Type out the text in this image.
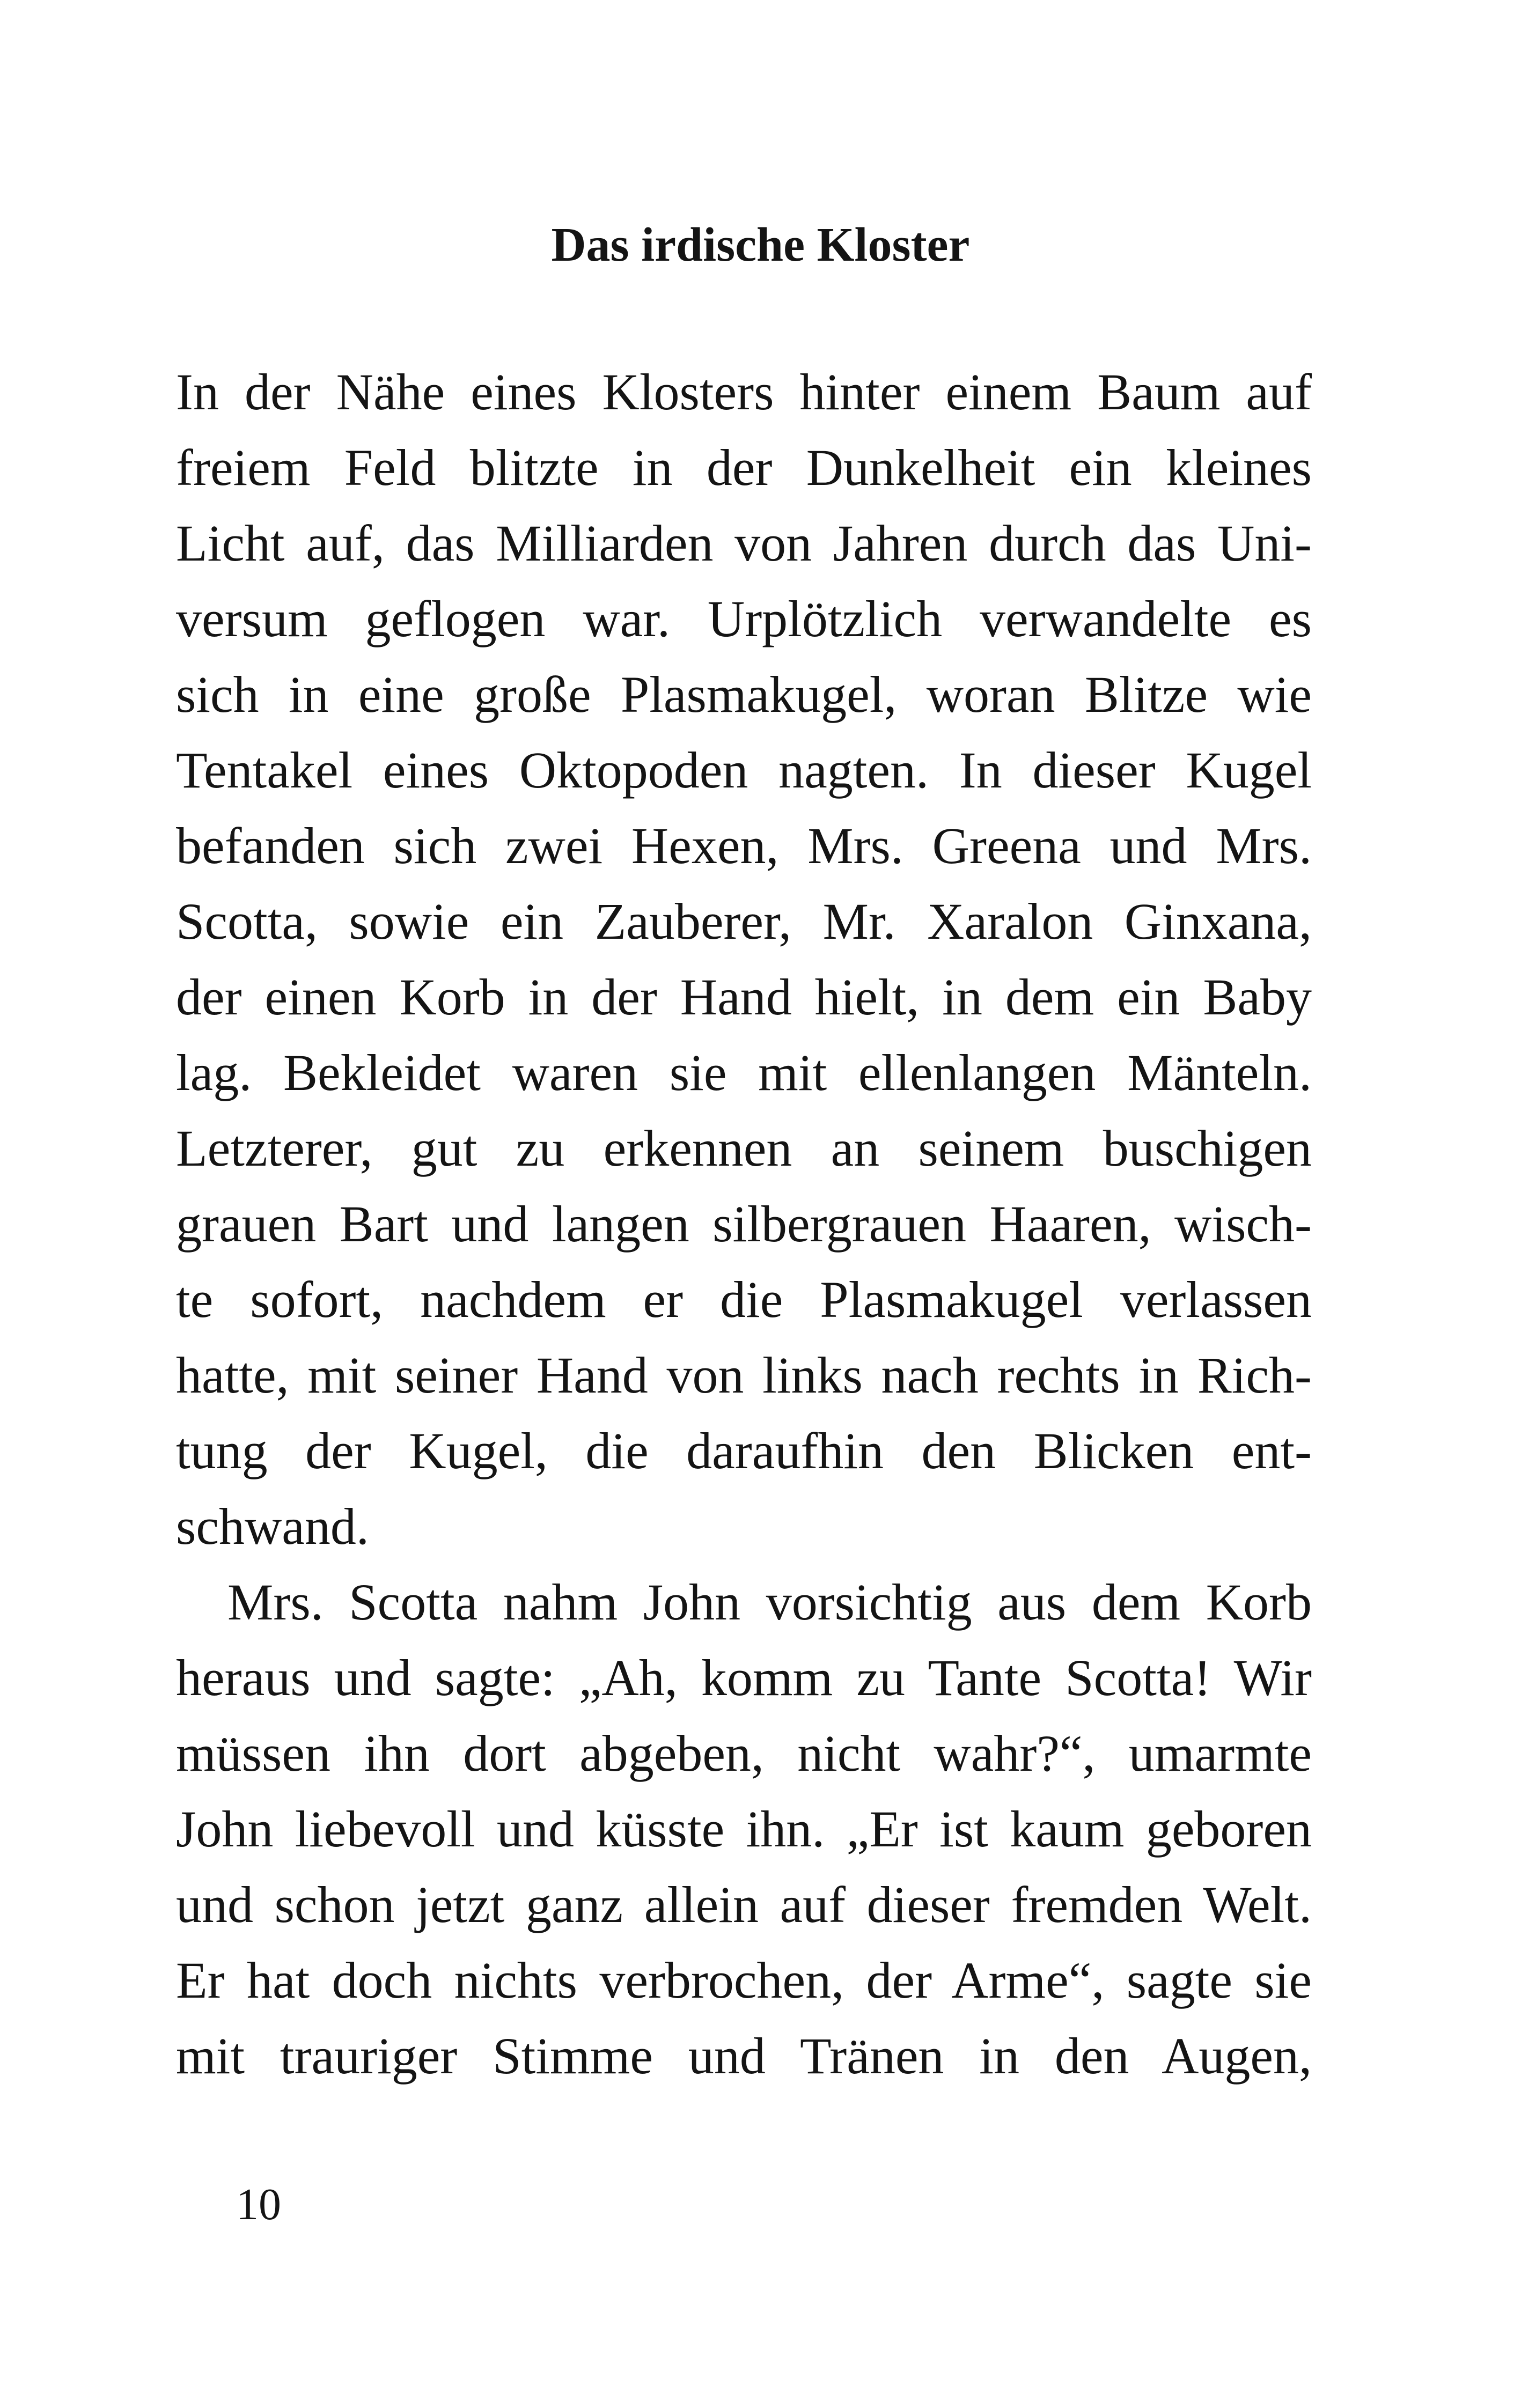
Das irdische Kloster
In der Nähe eines Klosters hinter einem Baum auf
freiem Feld blitzte in der Dunkelheit ein kleines
Licht auf, das Milliarden von Jahren durch das Uni-
versum geflogen war. Urplötzlich verwandelte es
sich in eine große Plasmakugel, woran Blitze wie
Tentakel eines Oktopoden nagten. In dieser Kugel
befanden sich zwei Hexen, Mrs. Greena und Mrs.
Scotta, sowie ein Zauberer, Mr. Xaralon Ginxana,
der einen Korb in der Hand hielt, in dem ein Baby
lag. Bekleidet waren sie mit ellenlangen Mänteln.
Letzterer, gut zu erkennen an seinem buschigen
grauen Bart und langen silbergrauen Haaren, wisch-
te sofort, nachdem er die Plasmakugel verlassen
hatte, mit seiner Hand von links nach rechts in Rich-
tung der Kugel, die daraufhin den Blicken ent-
schwand.
Mrs. Scotta nahm John vorsichtig aus dem Korb
heraus und sagte: „Ah, komm zu Tante Scotta! Wir
müssen ihn dort abgeben, nicht wahr?“, umarmte
John liebevoll und küsste ihn. „Er ist kaum geboren
und schon jetzt ganz allein auf dieser fremden Welt.
Er hat doch nichts verbrochen, der Arme“, sagte sie
mit trauriger Stimme und Tränen in den Augen,
10
